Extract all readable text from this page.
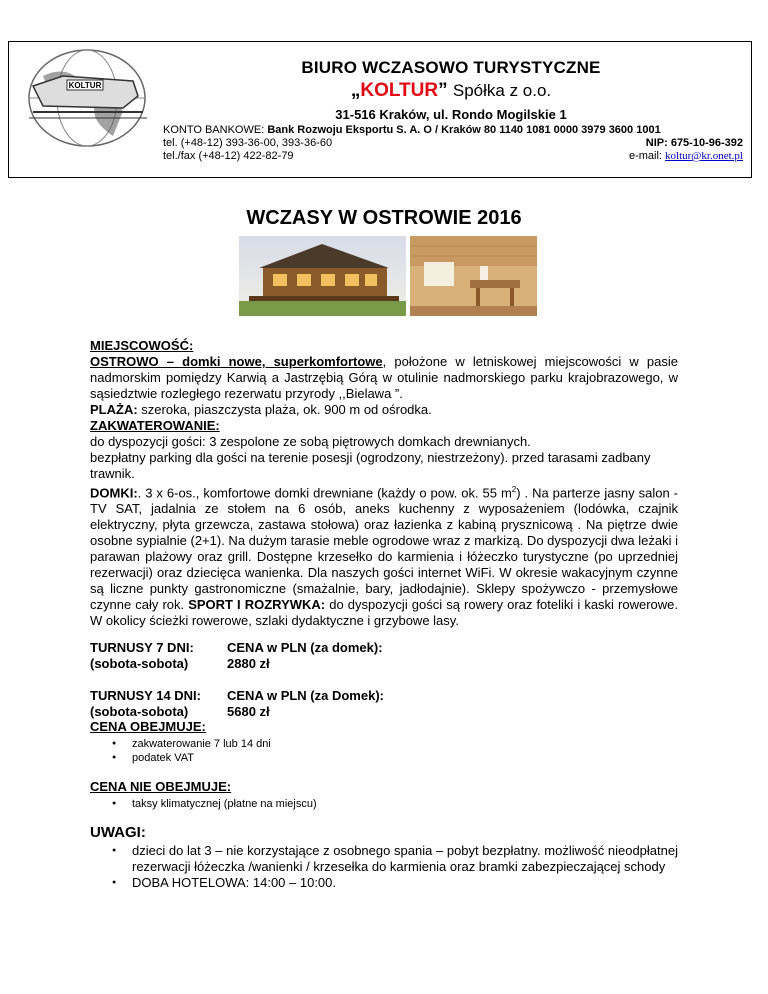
KOLTUR
BIURO WCZASOWO TURYSTYCZNE
„KOLTUR” Spółka z o.o.
31-516 Kraków, ul. Rondo Mogilskie 1
KONTO BANKOWE: Bank Rozwoju Eksportu S. A. O / Kraków 80 1140 1081 0000 3979 3600 1001
tel. (+48-12) 393-36-00, 393-36-60	NIP: 675-10-96-392
tel./fax (+48-12) 422-82-79	e-mail: koltur@kr.onet.pl
WCZASY W OSTROWIE 2016

MIEJSCOWOŚĆ:

OSTROWO – domki nowe, superkomfortowe, położone w letniskowej miejscowości w pasie nadmorskim pomiędzy Karwią a Jastrzębią Górą w otulinie nadmorskiego parku krajobrazowego, w sąsiedztwie rozległego rezerwatu przyrody ,,Bielawa ”.

PLAŻA: szeroka, piaszczysta plaża, ok. 900 m od ośrodka.

ZAKWATEROWANIE:

do dyspozycji gości: 3 zespolone ze sobą piętrowych domkach drewnianych.

bezpłatny parking dla gości na terenie posesji (ogrodzony, niestrzeżony). przed tarasami zadbany trawnik.

DOMKI:. 3 x 6-os., komfortowe domki drewniane (każdy o pow. ok. 55 $m^2$) . Na parterze jasny salon - TV SAT, jadalnia ze stołem na 6 osób, aneks kuchenny z wyposażeniem (lodówka, czajnik elektryczny, płyta grzewcza, zastawa stołowa) oraz łazienka z kabiną prysznicową . Na piętrze dwie osobne sypialnie (2+1). Na dużym tarasie meble ogrodowe wraz z markizą. Do dyspozycji dwa leżaki i parawan plażowy oraz grill. Dostępne krzesełko do karmienia i łóżeczko turystyczne (po uprzedniej rezerwacji) oraz dziecięca wanienka. Dla naszych gości internet WiFi. W okresie wakacyjnym czynne są liczne punkty gastronomiczne (smażalnie, bary, jadłodajnie). Sklepy spożywczo - przemysłowe czynne cały rok. SPORT I ROZRYWKA: do dyspozycji gości są rowery oraz foteliki i kaski rowerowe. W okolicy ścieżki rowerowe, szlaki dydaktyczne i grzybowe lasy.

TURNUSY 7 DNI:
(sobota-sobota)
CENA w PLN (za domek):
2880 zł
TURNUSY 14 DNI:
(sobota-sobota)
CENA w PLN (za Domek):
5680 zł
CENA OBEJMUJE:
● zakwaterowanie 7 lub 14 dni
● podatek VAT
CENA NIE OBEJMUJE:
● taksy klimatycznej (płatne na miejscu)
UWAGI:
● dzieci do lat 3 – nie korzystające z osobnego spania – pobyt bezpłatny. możliwość nieodpłatnej rezerwacji łóżeczka /wanienki / krzesełka do karmienia oraz bramki zabezpieczającej schody
● DOBA HOTELOWA: 14:00 – 10:00.
